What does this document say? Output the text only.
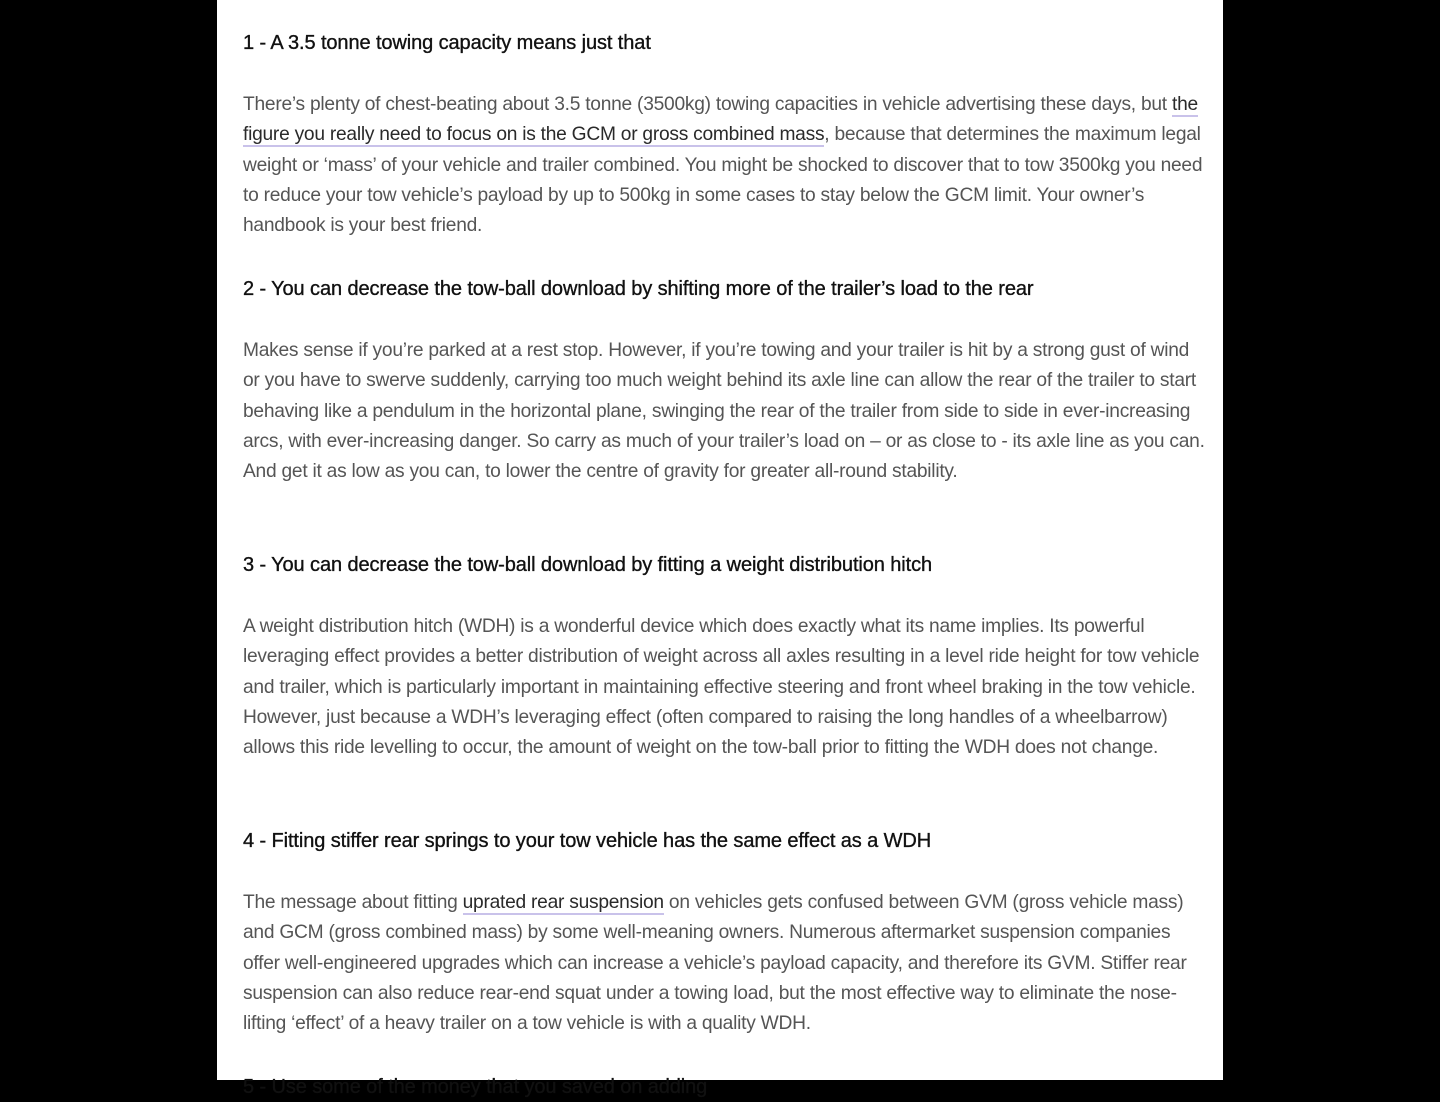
1 - A 3.5 tonne towing capacity means just that

There’s plenty of chest-beating about 3.5 tonne (3500kg) towing capacities in vehicle advertising these days, but the figure you really need to focus on is the GCM or gross combined mass, because that determines the maximum legal weight or ‘mass’ of your vehicle and trailer combined. You might be shocked to discover that to tow 3500kg you need to reduce your tow vehicle’s payload by up to 500kg in some cases to stay below the GCM limit. Your owner’s handbook is your best friend.

2 - You can decrease the tow-ball download by shifting more of the trailer’s load to the rear

Makes sense if you’re parked at a rest stop. However, if you’re towing and your trailer is hit by a strong gust of wind or you have to swerve suddenly, carrying too much weight behind its axle line can allow the rear of the trailer to start behaving like a pendulum in the horizontal plane, swinging the rear of the trailer from side to side in ever-increasing arcs, with ever-increasing danger. So carry as much of your trailer’s load on – or as close to - its axle line as you can. And get it as low as you can, to lower the centre of gravity for greater all-round stability.

3 - You can decrease the tow-ball download by fitting a weight distribution hitch

A weight distribution hitch (WDH) is a wonderful device which does exactly what its name implies. Its powerful leveraging effect provides a better distribution of weight across all axles resulting in a level ride height for tow vehicle and trailer, which is particularly important in maintaining effective steering and front wheel braking in the tow vehicle. However, just because a WDH’s leveraging effect (often compared to raising the long handles of a wheelbarrow) allows this ride levelling to occur, the amount of weight on the tow-ball prior to fitting the WDH does not change.

4 - Fitting stiffer rear springs to your tow vehicle has the same effect as a WDH

The message about fitting uprated rear suspension on vehicles gets confused between GVM (gross vehicle mass) and GCM (gross combined mass) by some well-meaning owners. Numerous aftermarket suspension companies offer well-engineered upgrades which can increase a vehicle’s payload capacity, and therefore its GVM. Stiffer rear suspension can also reduce rear-end squat under a towing load, but the most effective way to eliminate the nose-lifting ‘effect’ of a heavy trailer on a tow vehicle is with a quality WDH.

5 - Use some of the money that you saved on adding
